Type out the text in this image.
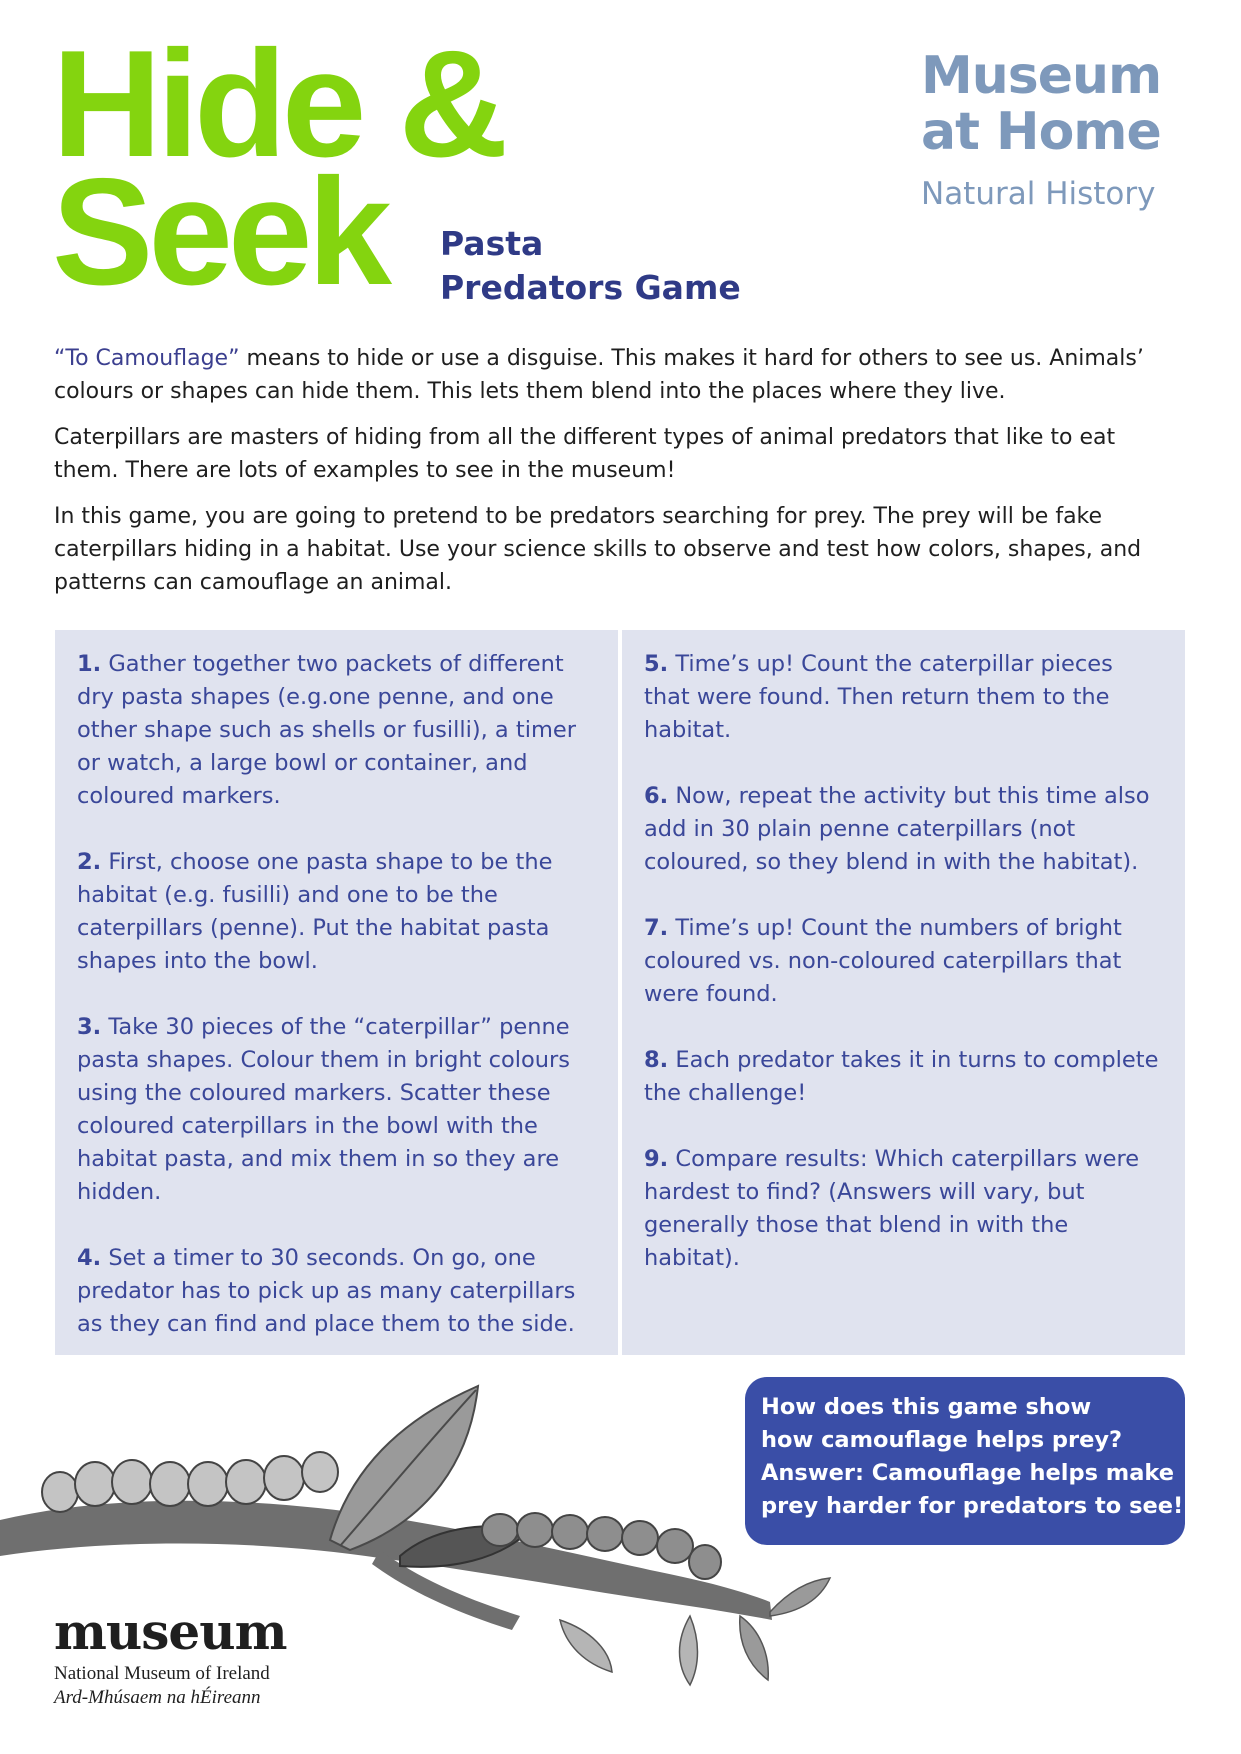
Hide &
Seek	Pasta
Predators Game
Museum
at Home
Natural History

“To Camouflage” means to hide or use a disguise. This makes it hard for others to see us. Animals’ colours or shapes can hide them. This lets them blend into the places where they live.

Caterpillars are masters of hiding from all the different types of animal predators that like to eat them. There are lots of examples to see in the museum!

In this game, you are going to pretend to be predators searching for prey. The prey will be fake caterpillars hiding in a habitat. Use your science skills to observe and test how colors, shapes, and patterns can camouflage an animal.

1. Gather together two packets of different dry pasta shapes (e.g.one penne, and one other shape such as shells or fusilli), a timer or watch, a large bowl or container, and coloured markers.

2. First, choose one pasta shape to be the habitat (e.g. fusilli) and one to be the caterpillars (penne). Put the habitat pasta shapes into the bowl.

3. Take 30 pieces of the “caterpillar” penne pasta shapes. Colour them in bright colours using the coloured markers. Scatter these coloured caterpillars in the bowl with the habitat pasta, and mix them in so they are hidden.

4. Set a timer to 30 seconds. On go, one predator has to pick up as many caterpillars as they can find and place them to the side.

5. Time’s up! Count the caterpillar pieces that were found. Then return them to the habitat.

6. Now, repeat the activity but this time also add in 30 plain penne caterpillars (not coloured, so they blend in with the habitat).

7. Time’s up! Count the numbers of bright coloured vs. non-coloured caterpillars that were found.

8. Each predator takes it in turns to complete the challenge!

9. Compare results: Which caterpillars were hardest to find? (Answers will vary, but generally those that blend in with the habitat).

How does this game show
how camouflage helps prey?
Answer: Camouflage helps make
prey harder for predators to see!
museum
National Museum of Ireland
Ard-Mhúsaem na hÉireann
